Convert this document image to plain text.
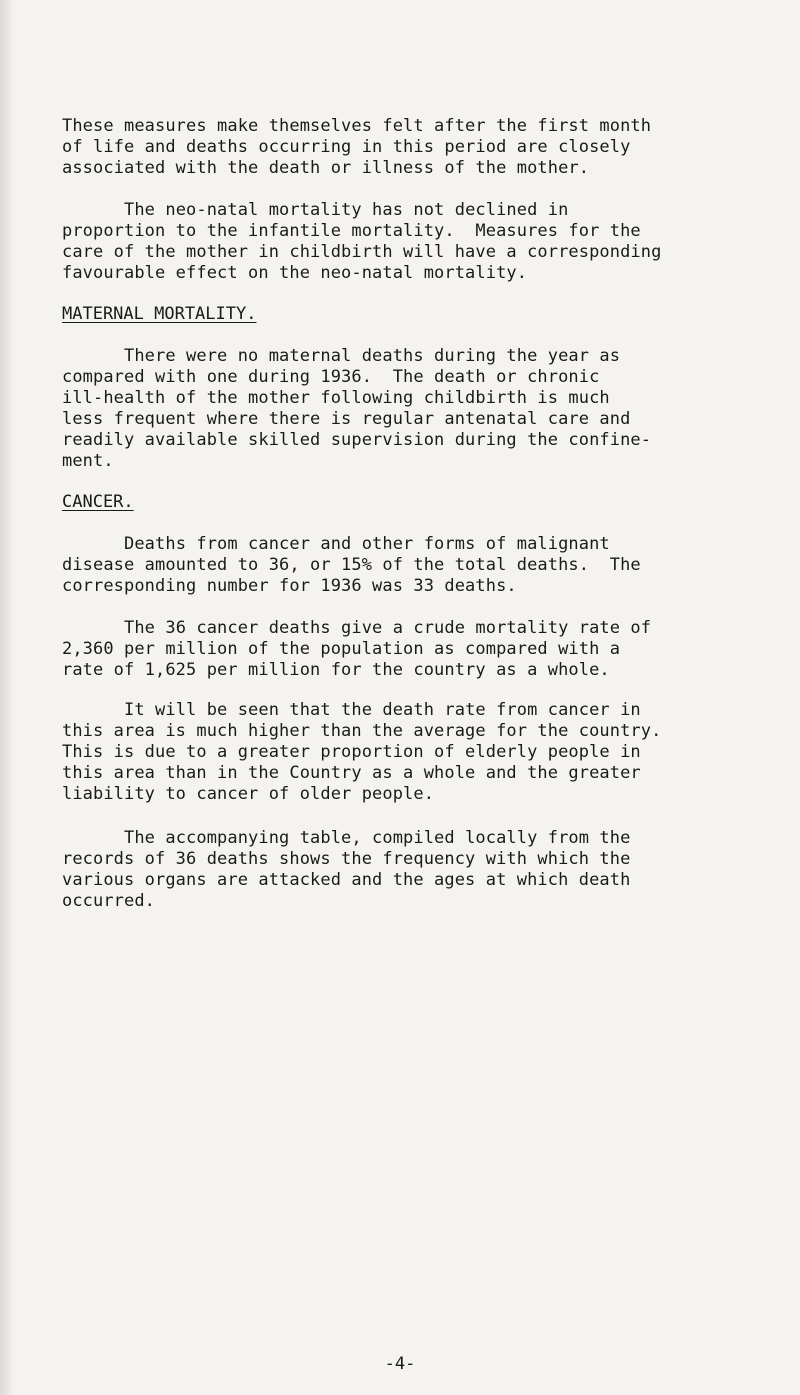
These measures make themselves felt after the first month
of life and deaths occurring in this period are closely
associated with the death or illness of the mother.

The neo-natal mortality has not declined in
proportion to the infantile mortality.  Measures for the
care of the mother in childbirth will have a corresponding
favourable effect on the neo-natal mortality.

MATERNAL MORTALITY.

There were no maternal deaths during the year as
compared with one during 1936.  The death or chronic
ill-health of the mother following childbirth is much
less frequent where there is regular antenatal care and
readily available skilled supervision during the confine-
ment.

CANCER.

Deaths from cancer and other forms of malignant
disease amounted to 36, or 15% of the total deaths.  The
corresponding number for 1936 was 33 deaths.

The 36 cancer deaths give a crude mortality rate of
2,360 per million of the population as compared with a
rate of 1,625 per million for the country as a whole.

It will be seen that the death rate from cancer in
this area is much higher than the average for the country.
This is due to a greater proportion of elderly people in
this area than in the Country as a whole and the greater
liability to cancer of older people.

The accompanying table, compiled locally from the
records of 36 deaths shows the frequency with which the
various organs are attacked and the ages at which death
occurred.

-4-
